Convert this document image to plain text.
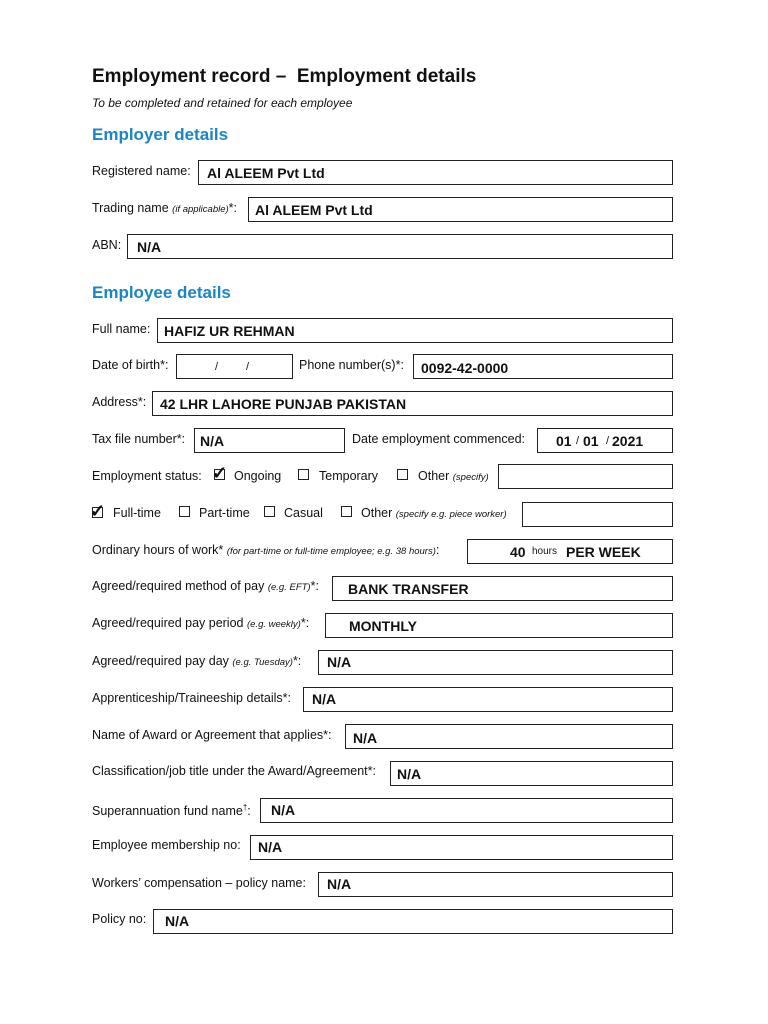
Employment record –  Employment details
To be completed and retained for each employee
Employer details
Registered name: Al ALEEM Pvt Ltd
Trading name (if applicable)*: Al ALEEM Pvt Ltd
ABN: N/A
Employee details
Full name: HAFIZ UR REHMAN
Date of birth*:	/	/	Phone number(s)*: 0092-42-0000
Address*: 42 LHR LAHORE PUNJAB PAKISTAN
Tax file number*: N/A	Date employment commenced: 01 / 01 / 2021
Employment status: ✓ Ongoing	Temporary	Other (specify)
✓ Full-time	Part-time	Casual	Other (specify e.g. piece worker)
Ordinary hours of work* (for part-time or full-time employee; e.g. 38 hours):	40 hours PER WEEK
Agreed/required method of pay (e.g. EFT)*: BANK TRANSFER
Agreed/required pay period (e.g. weekly)*:	MONTHLY
Agreed/required pay day (e.g. Tuesday)*: N/A
Apprenticeship/Traineeship details*: N/A
Name of Award or Agreement that applies*: N/A
Classification/job title under the Award/Agreement*: N/A
Superannuation fund name†: N/A
Employee membership no: N/A
Workers’ compensation – policy name: N/A
Policy no: N/A
